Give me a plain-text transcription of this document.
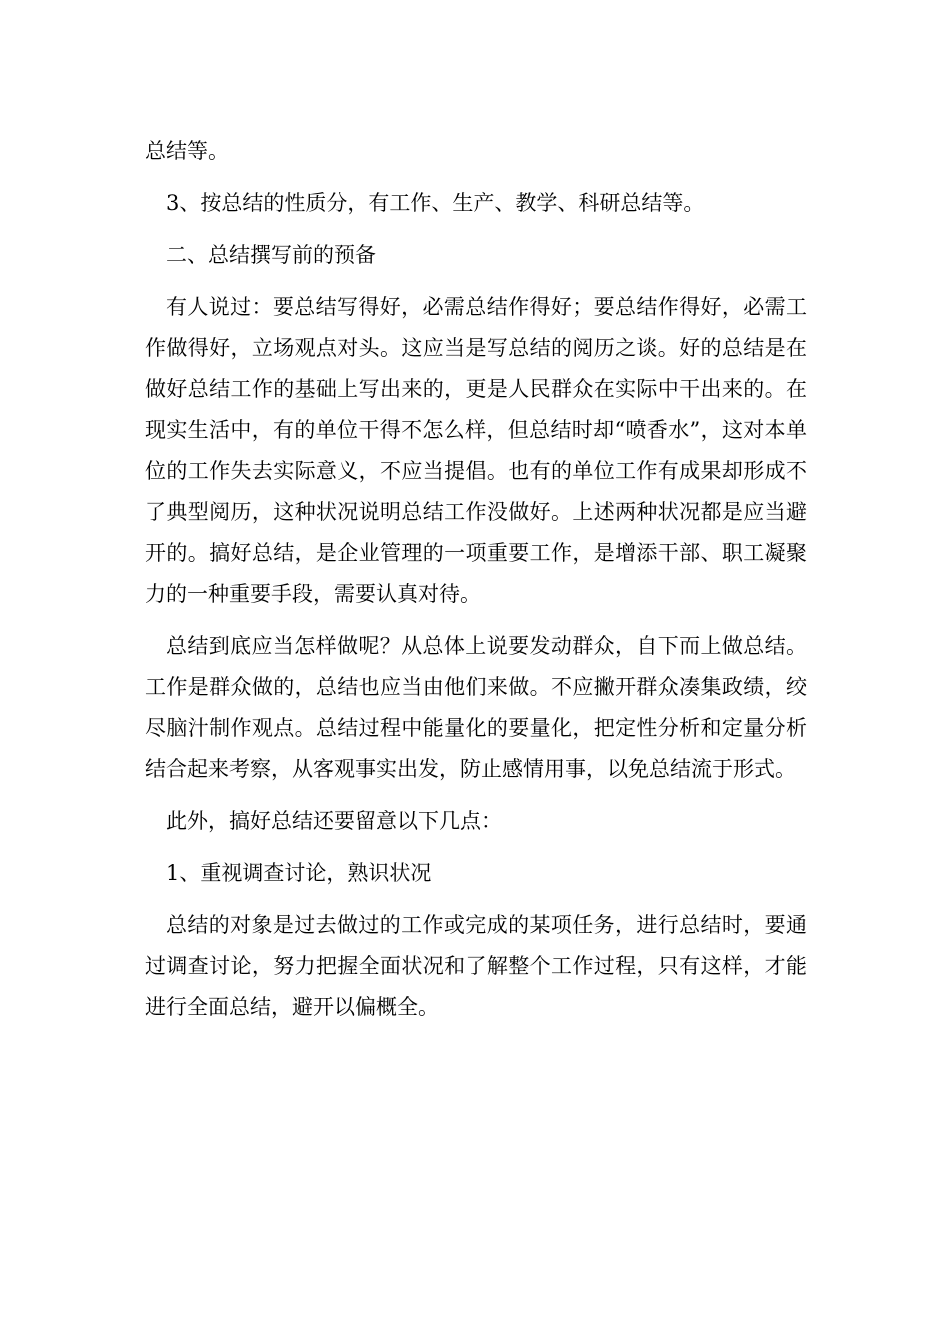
总结等。

3、按总结的性质分，有工作、生产、教学、科研总结等。

二、总结撰写前的预备

有人说过：要总结写得好，必需总结作得好；要总结作得好，必需工作做得好，立场观点对头。这应当是写总结的阅历之谈。好的总结是在做好总结工作的基础上写出来的，更是人民群众在实际中干出来的。在现实生活中，有的单位干得不怎么样，但总结时却“喷香水”，这对本单位的工作失去实际意义，不应当提倡。也有的单位工作有成果却形成不了典型阅历，这种状况说明总结工作没做好。上述两种状况都是应当避开的。搞好总结，是企业管理的一项重要工作，是增添干部、职工凝聚力的一种重要手段，需要认真对待。

总结到底应当怎样做呢？从总体上说要发动群众，自下而上做总结。工作是群众做的，总结也应当由他们来做。不应撇开群众凑集政绩，绞尽脑汁制作观点。总结过程中能量化的要量化，把定性分析和定量分析结合起来考察，从客观事实出发，防止感情用事，以免总结流于形式。

此外，搞好总结还要留意以下几点：

1、重视调查讨论，熟识状况

总结的对象是过去做过的工作或完成的某项任务，进行总结时，要通过调查讨论，努力把握全面状况和了解整个工作过程，只有这样，才能进行全面总结，避开以偏概全。
